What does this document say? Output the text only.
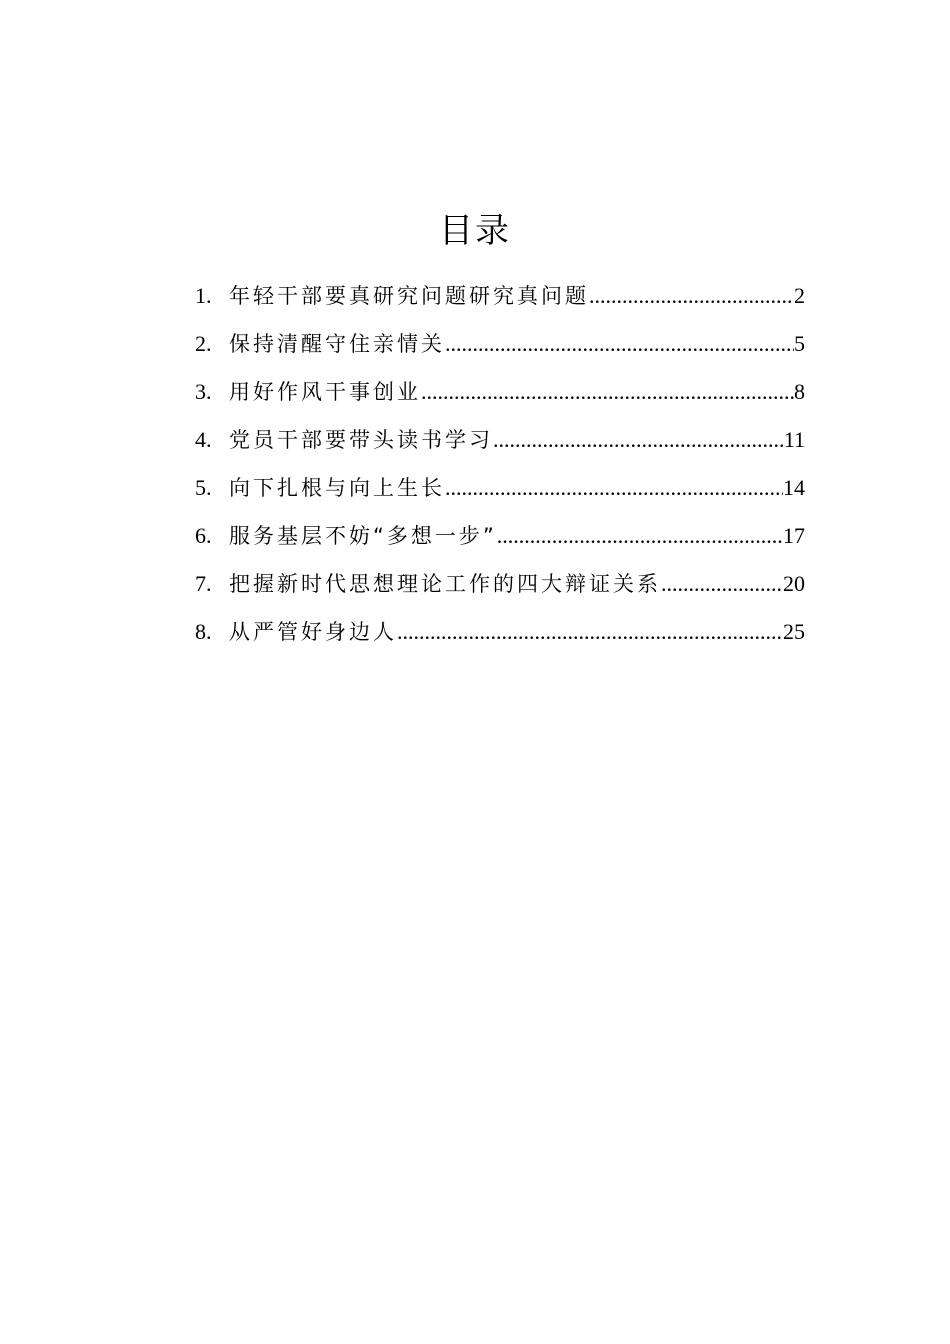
目录
1. 年轻干部要真研究问题研究真问题 .....	2
2. 保持清醒守住亲情关 .....	5
3. 用好作风干事创业 .....	8
4. 党员干部要带头读书学习 .....	11
5. 向下扎根与向上生长 .....	14
6. 服务基层不妨“多想一步” .....	17
7. 把握新时代思想理论工作的四大辩证关系 .....	20
8. 从严管好身边人 .....	25
